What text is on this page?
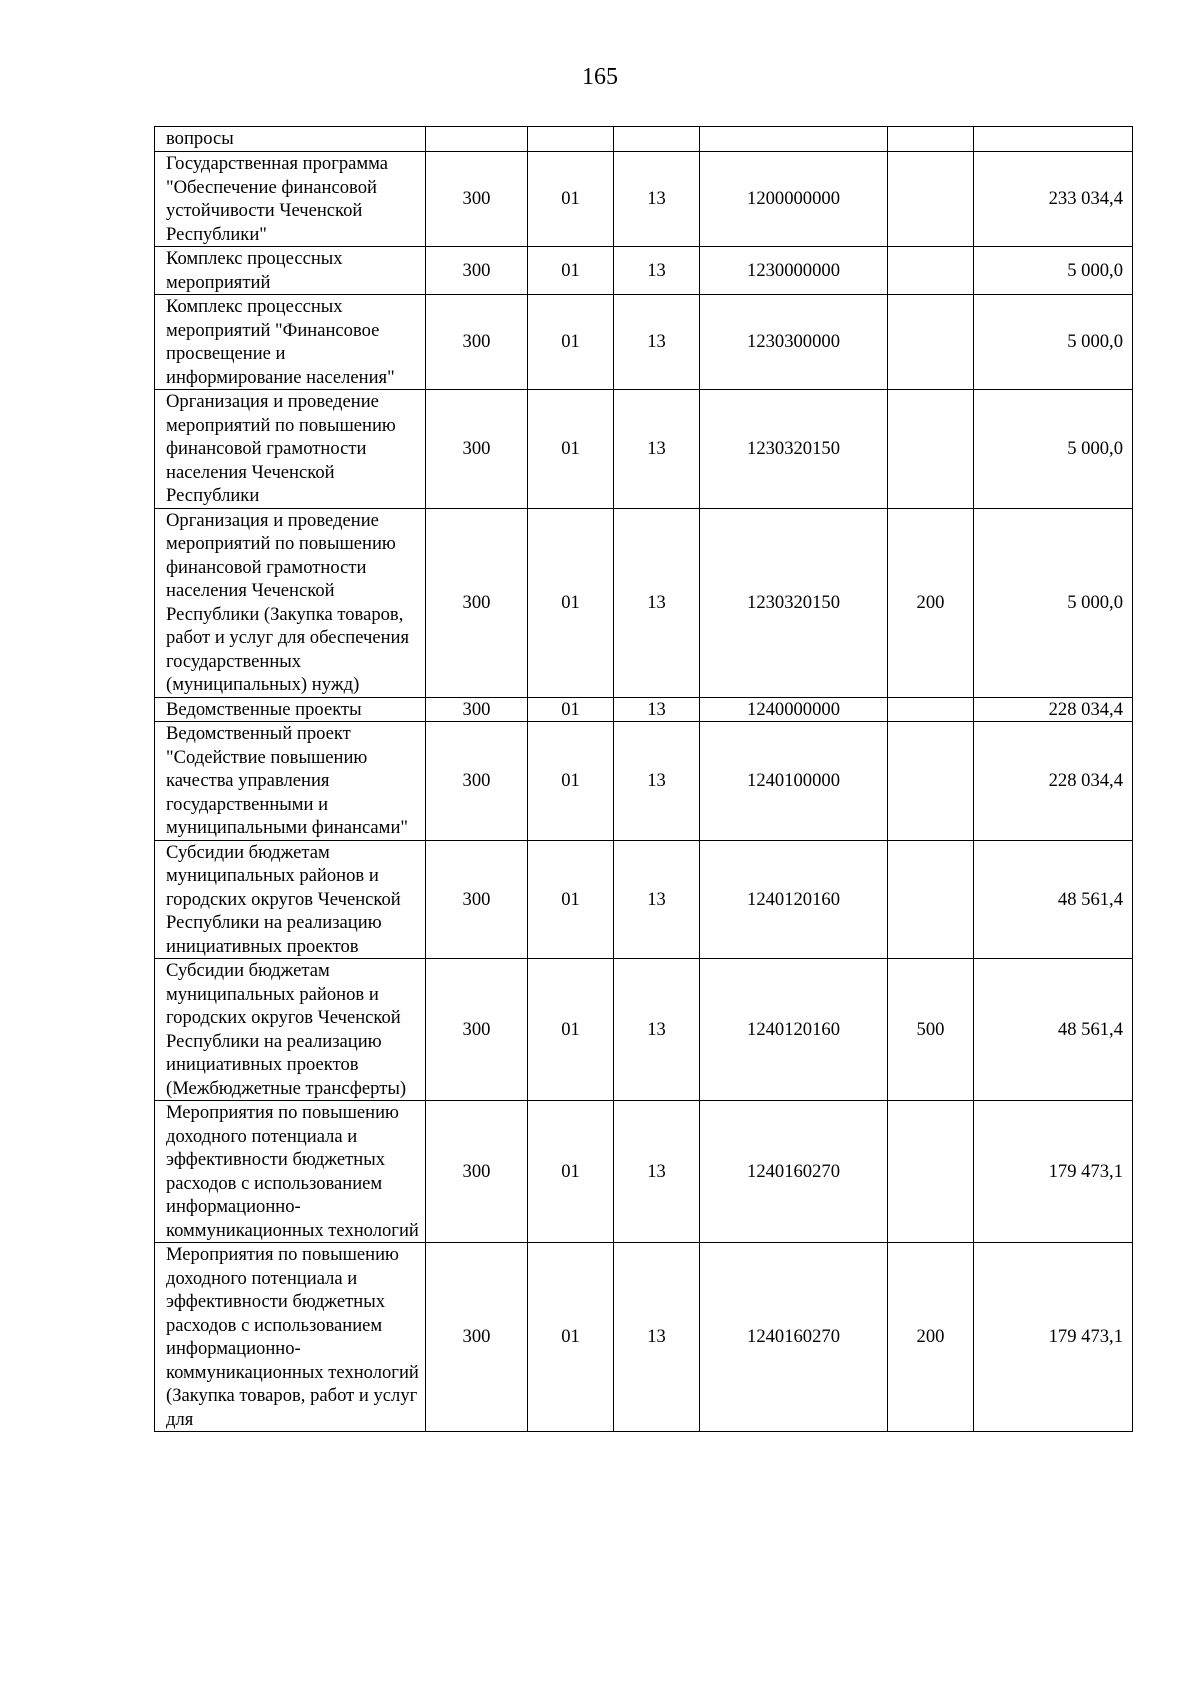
165
вопросы						
Государственная программа "Обеспечение финансовой устойчивости Чеченской Республики"	300	01	13	1200000000		233 034,4
Комплекс процессных мероприятий	300	01	13	1230000000		5 000,0
Комплекс процессных мероприятий "Финансовое просвещение и информирование населения"	300	01	13	1230300000		5 000,0
Организация и проведение мероприятий по повышению финансовой грамотности населения Чеченской Республики	300	01	13	1230320150		5 000,0
Организация и проведение мероприятий по повышению финансовой грамотности населения Чеченской Республики (Закупка товаров, работ и услуг для обеспечения государственных (муниципальных) нужд)	300	01	13	1230320150	200	5 000,0
Ведомственные проекты	300	01	13	1240000000		228 034,4
Ведомственный проект "Содействие повышению качества управления государственными и муниципальными финансами"	300	01	13	1240100000		228 034,4
Субсидии бюджетам муниципальных районов и городских округов Чеченской Республики на реализацию инициативных проектов	300	01	13	1240120160		48 561,4
Субсидии бюджетам муниципальных районов и городских округов Чеченской Республики на реализацию инициативных проектов (Межбюджетные трансферты)	300	01	13	1240120160	500	48 561,4
Мероприятия по повышению доходного потенциала и эффективности бюджетных расходов с использованием информационно-коммуникационных технологий	300	01	13	1240160270		179 473,1
Мероприятия по повышению доходного потенциала и эффективности бюджетных расходов с использованием информационно-коммуникационных технологий (Закупка товаров, работ и услуг для	300	01	13	1240160270	200	179 473,1
